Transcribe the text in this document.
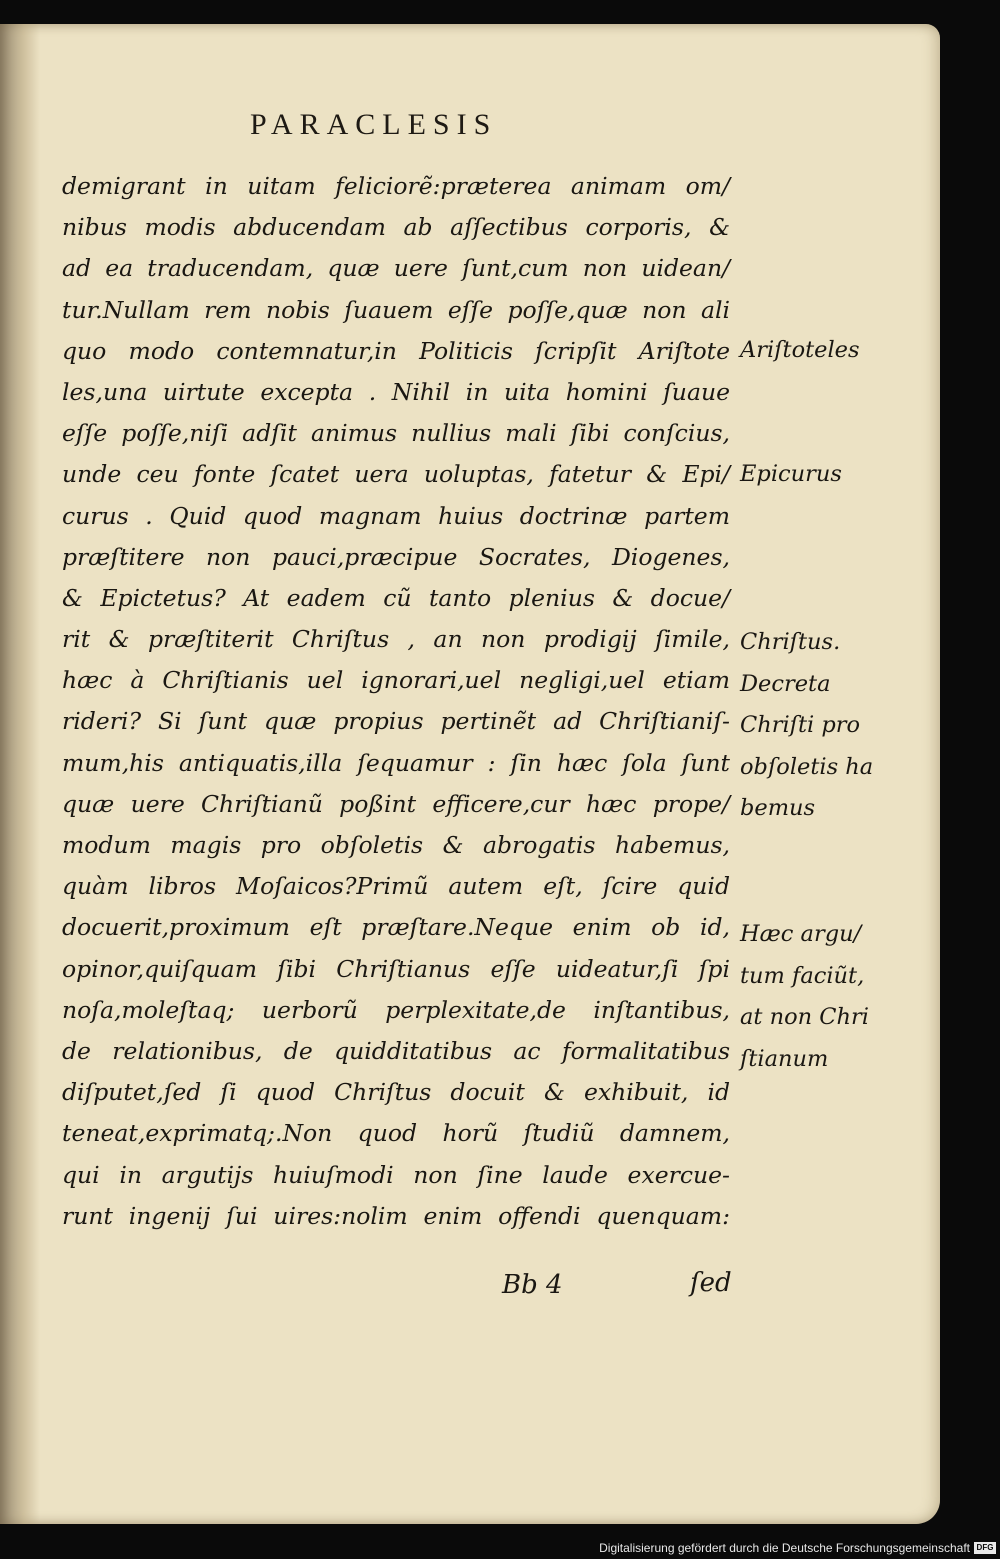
PARACLESIS
demigrant in uitam feliciorẽ:præterea animam om/
nibus modis abducendam ab aſſectibus corporis, &
ad ea traducendam, quæ uere ſunt,cum non uidean/
tur.Nullam rem nobis ſuauem eſſe poſſe,quæ non ali
quo modo contemnatur,in Politicis ſcripſit Ariſtote
les,una uirtute excepta . Nihil in uita homini ſuaue
eſſe poſſe,niſi adſit animus nullius mali ſibi conſcius,
unde ceu fonte ſcatet uera uoluptas, fatetur & Epi/
curus . Quid quod magnam huius doctrinæ partem
præſtitere non pauci,præcipue Socrates, Diogenes,
& Epictetus? At eadem cũ tanto plenius & docue/
rit & præſtiterit Chriſtus , an non prodigij ſimile,
hæc à Chriſtianis uel ignorari,uel negligi,uel etiam
rideri? Si ſunt quæ propius pertinẽt ad Chriſtianiſ-
mum,his antiquatis,illa ſequamur : ſin hæc ſola ſunt
quæ uere Chriſtianũ poßint efficere,cur hæc prope/
modum magis pro obſoletis & abrogatis habemus,
quàm libros Moſaicos?Primũ autem eſt, ſcire quid
docuerit,proximum eſt præſtare.Neque enim ob id,
opinor,quiſquam ſibi Chriſtianus eſſe uideatur,ſi ſpi
noſa,moleſtaq; uerborũ perplexitate,de inſtantibus,
de relationibus, de quidditatibus ac formalitatibus
diſputet,ſed ſi quod Chriſtus docuit & exhibuit, id
teneat,exprimatq;.Non quod horũ ſtudiũ damnem,
qui in argutijs huiuſmodi non ſine laude exercue-
runt ingenij ſui uires:nolim enim offendi quenquam:
Ariſtoteles
Epicurus
Chriſtus.
Decreta
Chriſti pro
obſoletis ha
bemus
Hæc argu/
tum faciũt,
at non Chri
ſtianum
Bb 4	ſed
Digitalisierung gefördert durch die Deutsche Forschungsgemeinschaft DFG
